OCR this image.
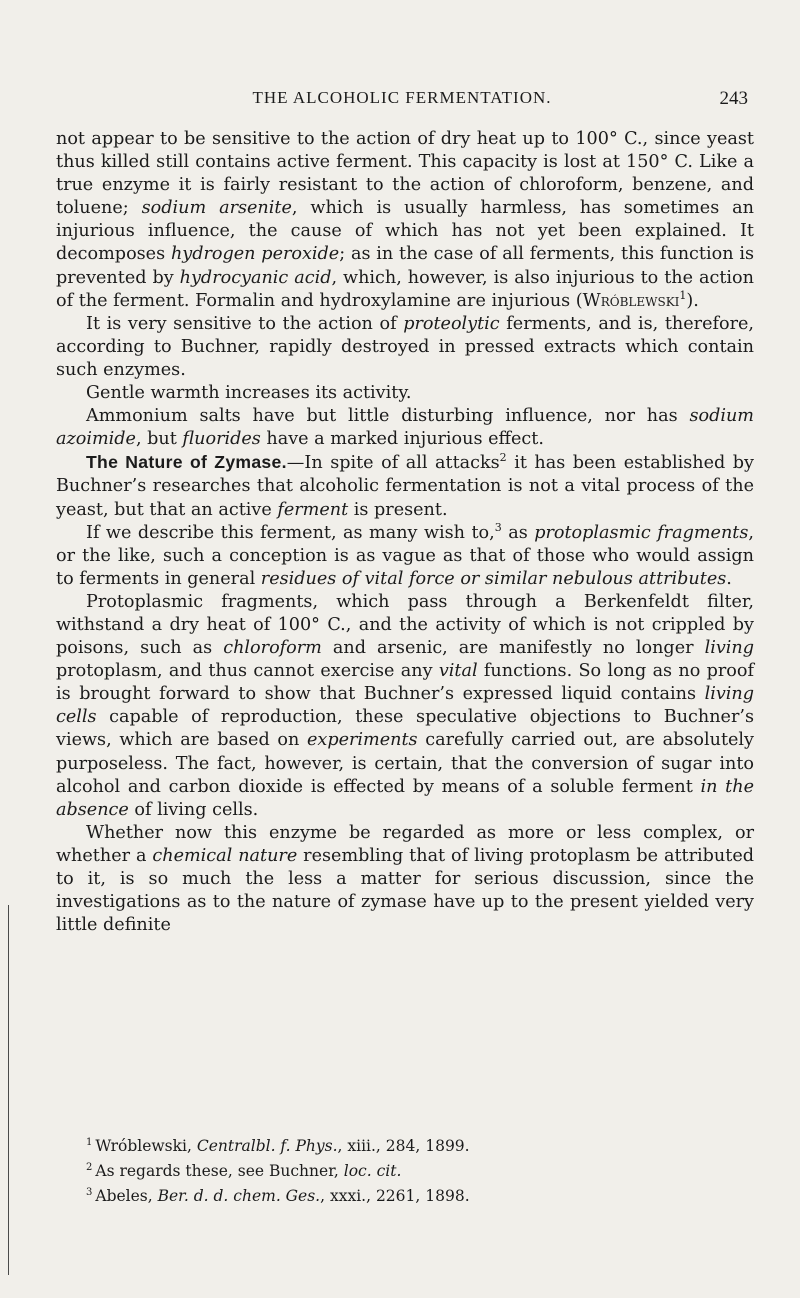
THE ALCOHOLIC FERMENTATION.	243

not appear to be sensitive to the action of dry heat up to 100° C., since yeast thus killed still contains active ferment. This capacity is lost at 150° C. Like a true enzyme it is fairly resistant to the action of chloroform, benzene, and toluene; sodium arsenite, which is usually harmless, has sometimes an injurious influence, the cause of which has not yet been explained. It decomposes hydrogen peroxide; as in the case of all ferments, this function is prevented by hydrocyanic acid, which, however, is also injurious to the action of the ferment. Formalin and hydroxylamine are injurious (Wróblewski$^1$).

It is very sensitive to the action of proteolytic ferments, and is, therefore, according to Buchner, rapidly destroyed in pressed extracts which contain such enzymes.

Gentle warmth increases its activity.

Ammonium salts have but little disturbing influence, nor has sodium azoimide, but fluorides have a marked injurious effect.

The Nature of Zymase.—In spite of all attacks$^2$ it has been established by Buchner’s researches that alcoholic fermentation is not a vital process of the yeast, but that an active ferment is present.

If we describe this ferment, as many wish to,$^3$ as protoplasmic fragments, or the like, such a conception is as vague as that of those who would assign to ferments in general residues of vital force or similar nebulous attributes.

Protoplasmic fragments, which pass through a Berkenfeldt filter, withstand a dry heat of 100° C., and the activity of which is not crippled by poisons, such as chloroform and arsenic, are manifestly no longer living protoplasm, and thus cannot exercise any vital functions. So long as no proof is brought forward to show that Buchner’s expressed liquid contains living cells capable of reproduction, these speculative objections to Buchner’s views, which are based on experiments carefully carried out, are absolutely purposeless. The fact, however, is certain, that the conversion of sugar into alcohol and carbon dioxide is effected by means of a soluble ferment in the absence of living cells.

Whether now this enzyme be regarded as more or less complex, or whether a chemical nature resembling that of living protoplasm be attributed to it, is so much the less a matter for serious discussion, since the investigations as to the nature of zymase have up to the present yielded very little definite

$^1$ Wróblewski, Centralbl. f. Phys., xiii., 284, 1899.

$^2$ As regards these, see Buchner, loc. cit.

$^3$ Abeles, Ber. d. d. chem. Ges., xxxi., 2261, 1898.
